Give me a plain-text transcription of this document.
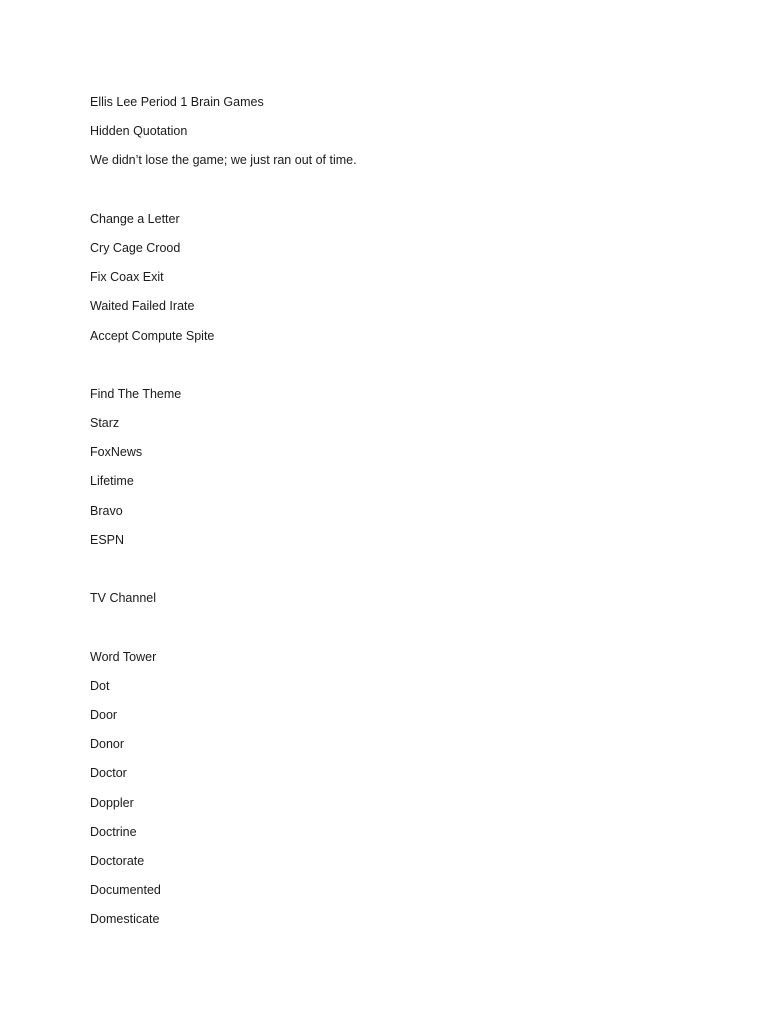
Ellis Lee Period 1 Brain Games
Hidden Quotation
We didn’t lose the game; we just ran out of time.
Change a Letter
Cry Cage Crood
Fix Coax Exit
Waited Failed Irate
Accept Compute Spite
Find The Theme
Starz
FoxNews
Lifetime
Bravo
ESPN
TV Channel
Word Tower
Dot
Door
Donor
Doctor
Doppler
Doctrine
Doctorate
Documented
Domesticate
